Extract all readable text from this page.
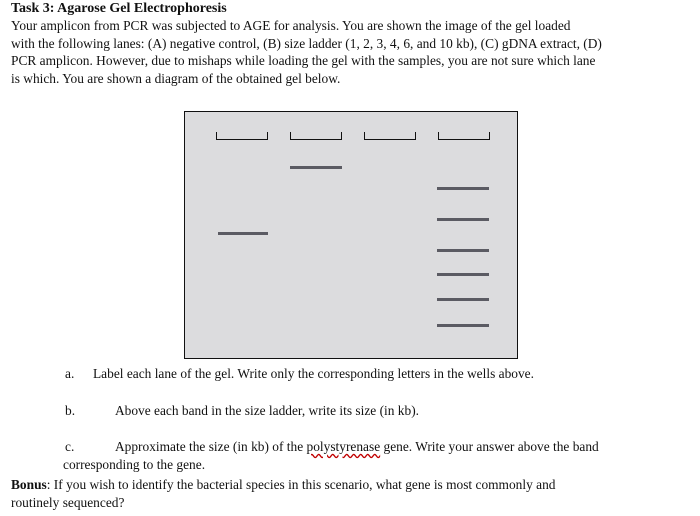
Task 3: Agarose Gel Electrophoresis
Your amplicon from PCR was subjected to AGE for analysis. You are shown the image of the gel loaded
with the following lanes: (A) negative control, (B) size ladder (1, 2, 3, 4, 6, and 10 kb), (C) gDNA extract, (D)
PCR amplicon. However, due to mishaps while loading the gel with the samples, you are not sure which lane
is which. You are shown a diagram of the obtained gel below.
a. Label each lane of the gel. Write only the corresponding letters in the wells above.
b.	Above each band in the size ladder, write its size (in kb).
c.	Approximate the size (in kb) of the polystyrenase gene. Write your answer above the band
corresponding to the gene.
Bonus: If you wish to identify the bacterial species in this scenario, what gene is most commonly and
routinely sequenced?
